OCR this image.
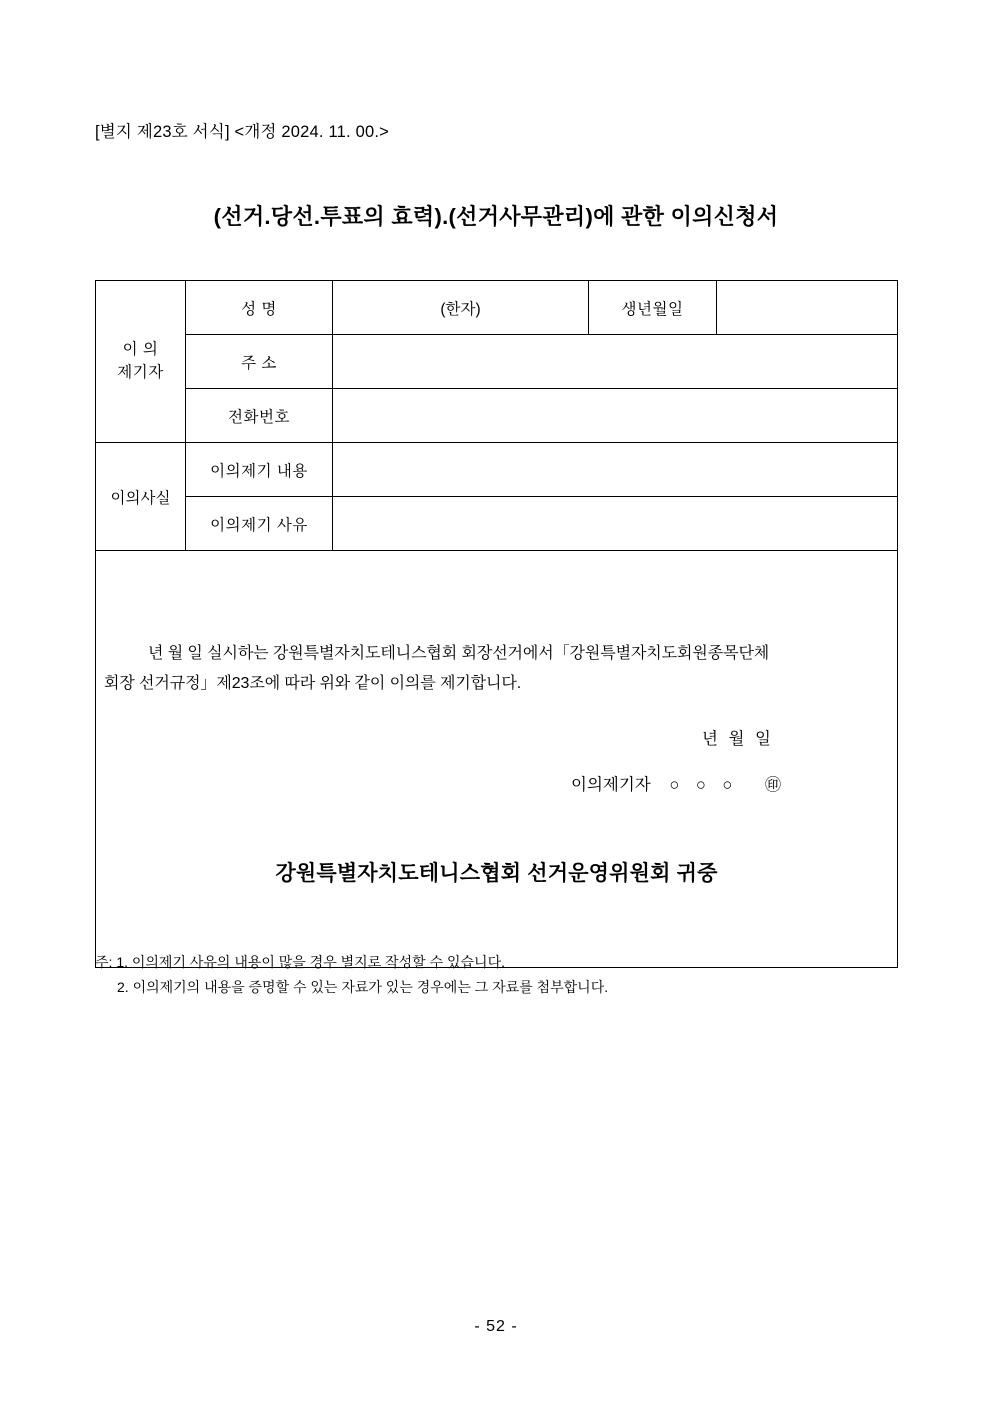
[별지 제23호 서식] <개정 2024. 11. 00.>
(선거.당선.투표의 효력).(선거사무관리)에 관한 이의신청서
이 의
제기자	성 명	(한자)	생년월일	
	주 소			
	전화번호			
이의사실	이의제기 내용			
	이의제기 사유			

년 월 일 실시하는 강원특별자치도테니스협회 회장선거에서「강원특별자치도회원종목단체
회장 선거규정」제23조에 따라 위와 같이 이의를 제기합니다.
년 월 일
이의제기자 ○ ○ ○ ㊞
강원특별자치도테니스협회 선거운영위원회 귀중				
주: 1. 이의제기 사유의 내용이 많을 경우 별지로 작성할 수 있습니다.
2. 이의제기의 내용을 증명할 수 있는 자료가 있는 경우에는 그 자료를 첨부합니다.
- 52 -
